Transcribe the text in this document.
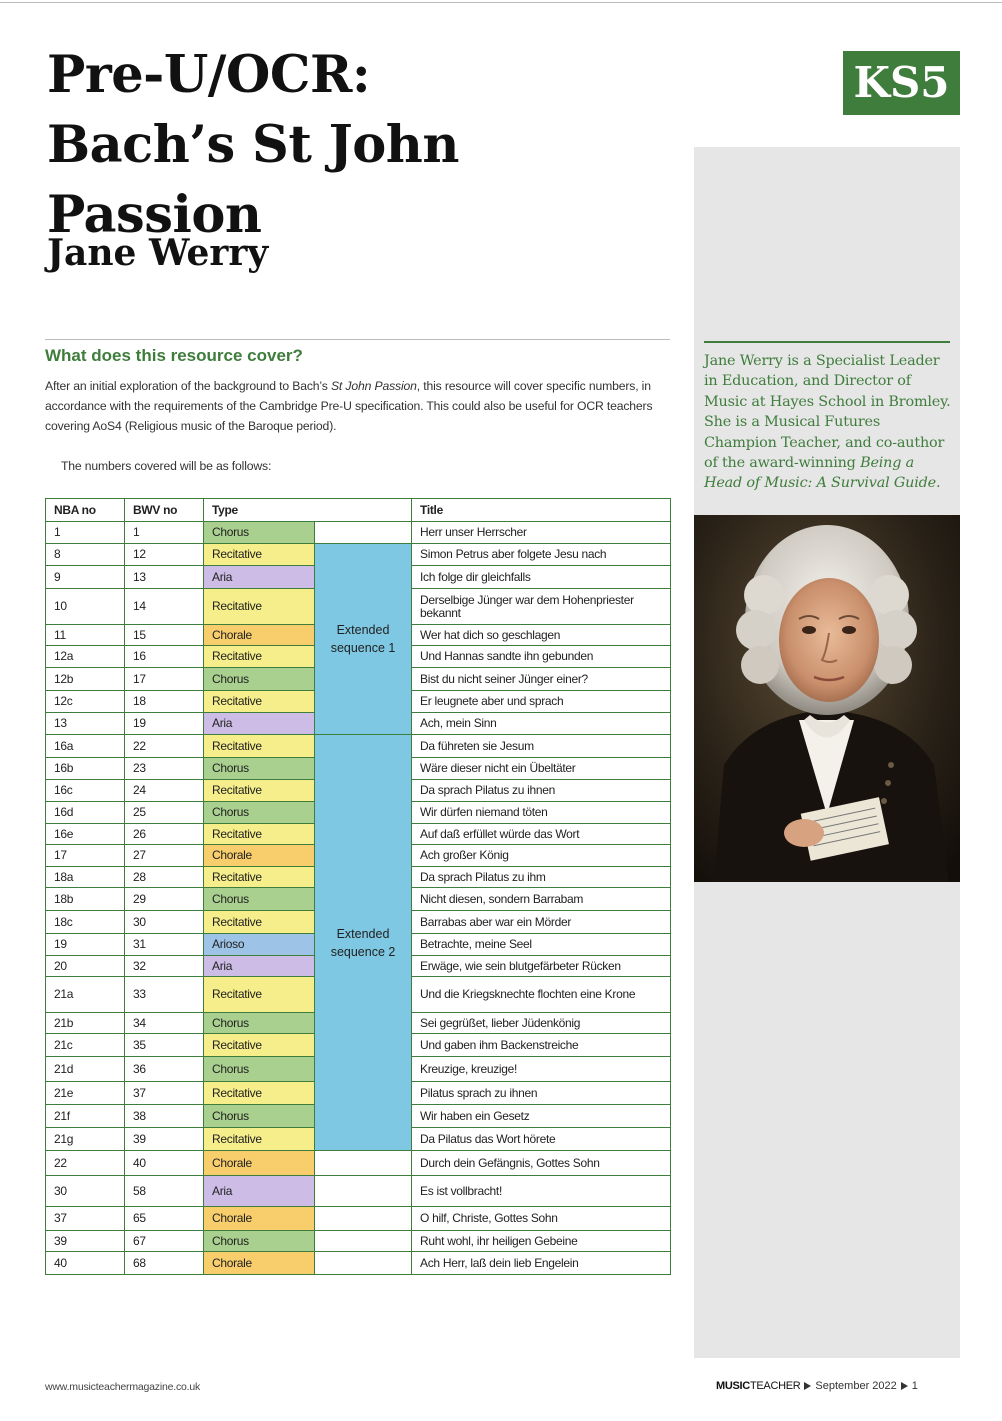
Pre-U/OCR:
Bach’s St John Passion
Jane Werry
KS5

Jane Werry is a Specialist Leader in Education, and Director of Music at Hayes School in Bromley. She is a Musical Futures Champion Teacher, and co-author of the award-winning Being a Head of Music: A Survival Guide.

What does this resource cover?

After an initial exploration of the background to Bach’s St John Passion, this resource will cover specific numbers, in accordance with the requirements of the Cambridge Pre-U specification. This could also be useful for OCR teachers covering AoS4 (Religious music of the Baroque period).

The numbers covered will be as follows:

NBA no	BWV no	Type		Title
1	1	Chorus		Herr unser Herrscher
8	12	Recitative	Extended sequence 1	Simon Petrus aber folgete Jesu nach
9	13	Aria		Ich folge dir gleichfalls
10	14	Recitative		Derselbige Jünger war dem Hohenpriester bekannt
11	15	Chorale		Wer hat dich so geschlagen
12a	16	Recitative		Und Hannas sandte ihn gebunden
12b	17	Chorus		Bist du nicht seiner Jünger einer?
12c	18	Recitative		Er leugnete aber und sprach
13	19	Aria		Ach, mein Sinn
16a	22	Recitative	Extended sequence 2	Da führeten sie Jesum
16b	23	Chorus		Wäre dieser nicht ein Übeltäter
16c	24	Recitative		Da sprach Pilatus zu ihnen
16d	25	Chorus		Wir dürfen niemand töten
16e	26	Recitative		Auf daß erfüllet würde das Wort
17	27	Chorale		Ach großer König
18a	28	Recitative		Da sprach Pilatus zu ihm
18b	29	Chorus		Nicht diesen, sondern Barrabam
18c	30	Recitative		Barrabas aber war ein Mörder
19	31	Arioso		Betrachte, meine Seel
20	32	Aria		Erwäge, wie sein blutgefärbeter Rücken
21a	33	Recitative		Und die Kriegsknechte flochten eine Krone
21b	34	Chorus		Sei gegrüßet, lieber Jüdenkönig
21c	35	Recitative		Und gaben ihm Backenstreiche
21d	36	Chorus		Kreuzige, kreuzige!
21e	37	Recitative		Pilatus sprach zu ihnen
21f	38	Chorus		Wir haben ein Gesetz
21g	39	Recitative		Da Pilatus das Wort hörete
22	40	Chorale		Durch dein Gefängnis, Gottes Sohn
30	58	Aria		Es ist vollbracht!
37	65	Chorale		O hilf, Christe, Gottes Sohn
39	67	Chorus		Ruht wohl, ihr heiligen Gebeine
40	68	Chorale		Ach Herr, laß dein lieb Engelein

www.musicteachermagazine.co.uk	MUSICTEACHER September 2022 1
